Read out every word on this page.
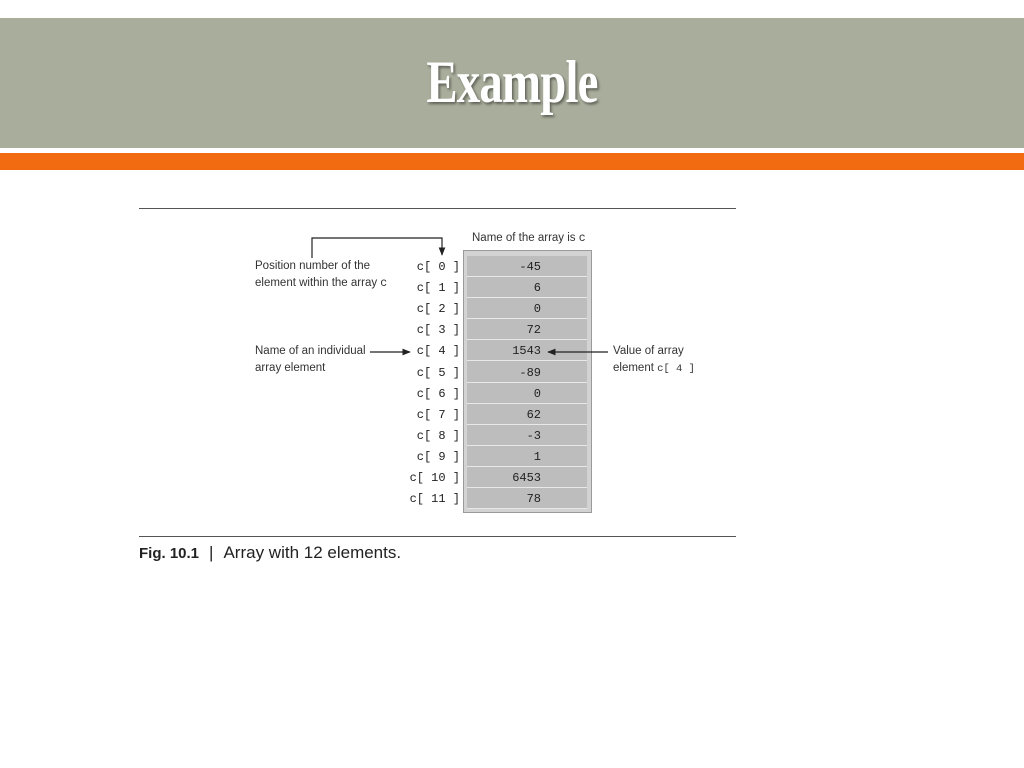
Example
Name of the array is c
Position number of the
element within the array c
Name of an individual
array element
Value of array
element c[ 4 ]
c[ 0 ]	-45
c[ 1 ]	6
c[ 2 ]	0
c[ 3 ]	72
c[ 4 ]	1543
c[ 5 ]	-89
c[ 6 ]	0
c[ 7 ]	62
c[ 8 ]	-3
c[ 9 ]	1
c[ 10 ]	6453
c[ 11 ]	78
Fig. 10.1 | Array with 12 elements.
